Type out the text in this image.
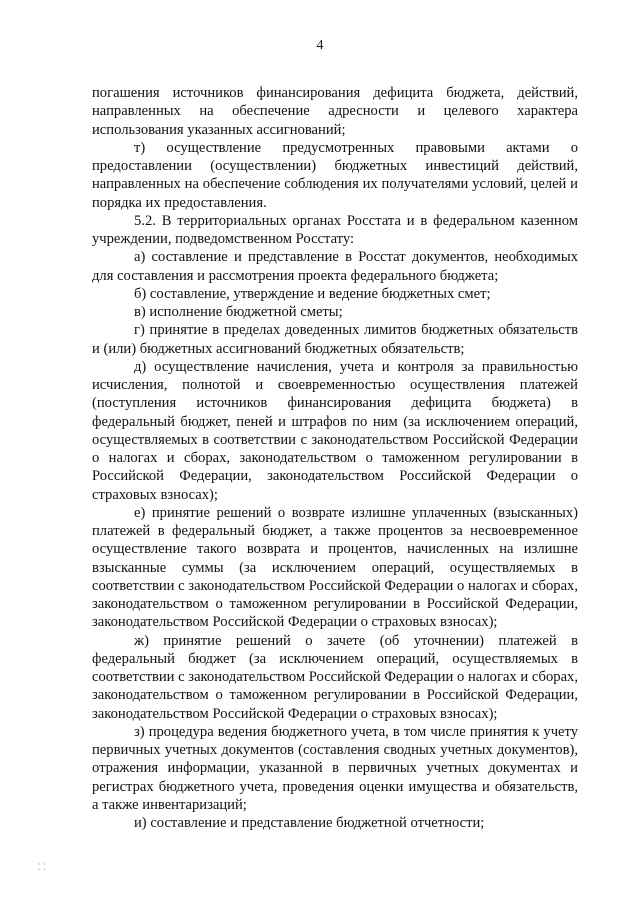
4

погашения источников финансирования дефицита бюджета, действий, направленных на обеспечение адресности и целевого характера использования указанных ассигнований;

т) осуществление предусмотренных правовыми актами о предоставлении (осуществлении) бюджетных инвестиций действий, направленных на обеспечение соблюдения их получателями условий, целей и порядка их предоставления.

5.2. В территориальных органах Росстата и в федеральном казенном учреждении, подведомственном Росстату:

а) составление и представление в Росстат документов, необходимых для составления и рассмотрения проекта федерального бюджета;

б) составление, утверждение и ведение бюджетных смет;

в) исполнение бюджетной сметы;

г) принятие в пределах доведенных лимитов бюджетных обязательств и (или) бюджетных ассигнований бюджетных обязательств;

д) осуществление начисления, учета и контроля за правильностью исчисления, полнотой и своевременностью осуществления платежей (поступления источников финансирования дефицита бюджета) в федеральный бюджет, пеней и штрафов по ним (за исключением операций, осуществляемых в соответствии с законодательством Российской Федерации о налогах и сборах, законодательством о таможенном регулировании в Российской Федерации, законодательством Российской Федерации о страховых взносах);

е) принятие решений о возврате излишне уплаченных (взысканных) платежей в федеральный бюджет, а также процентов за несвоевременное осуществление такого возврата и процентов, начисленных на излишне взысканные суммы (за исключением операций, осуществляемых в соответствии с законодательством Российской Федерации о налогах и сборах, законодательством о таможенном регулировании в Российской Федерации, законодательством Российской Федерации о страховых взносах);

ж) принятие решений о зачете (об уточнении) платежей в федеральный бюджет (за исключением операций, осуществляемых в соответствии с законодательством Российской Федерации о налогах и сборах, законодательством о таможенном регулировании в Российской Федерации, законодательством Российской Федерации о страховых взносах);

з) процедура ведения бюджетного учета, в том числе принятия к учету первичных учетных документов (составления сводных учетных документов), отражения информации, указанной в первичных учетных документах и регистрах бюджетного учета, проведения оценки имущества и обязательств, а также инвентаризаций;

и) составление и представление бюджетной отчетности;

⸬
